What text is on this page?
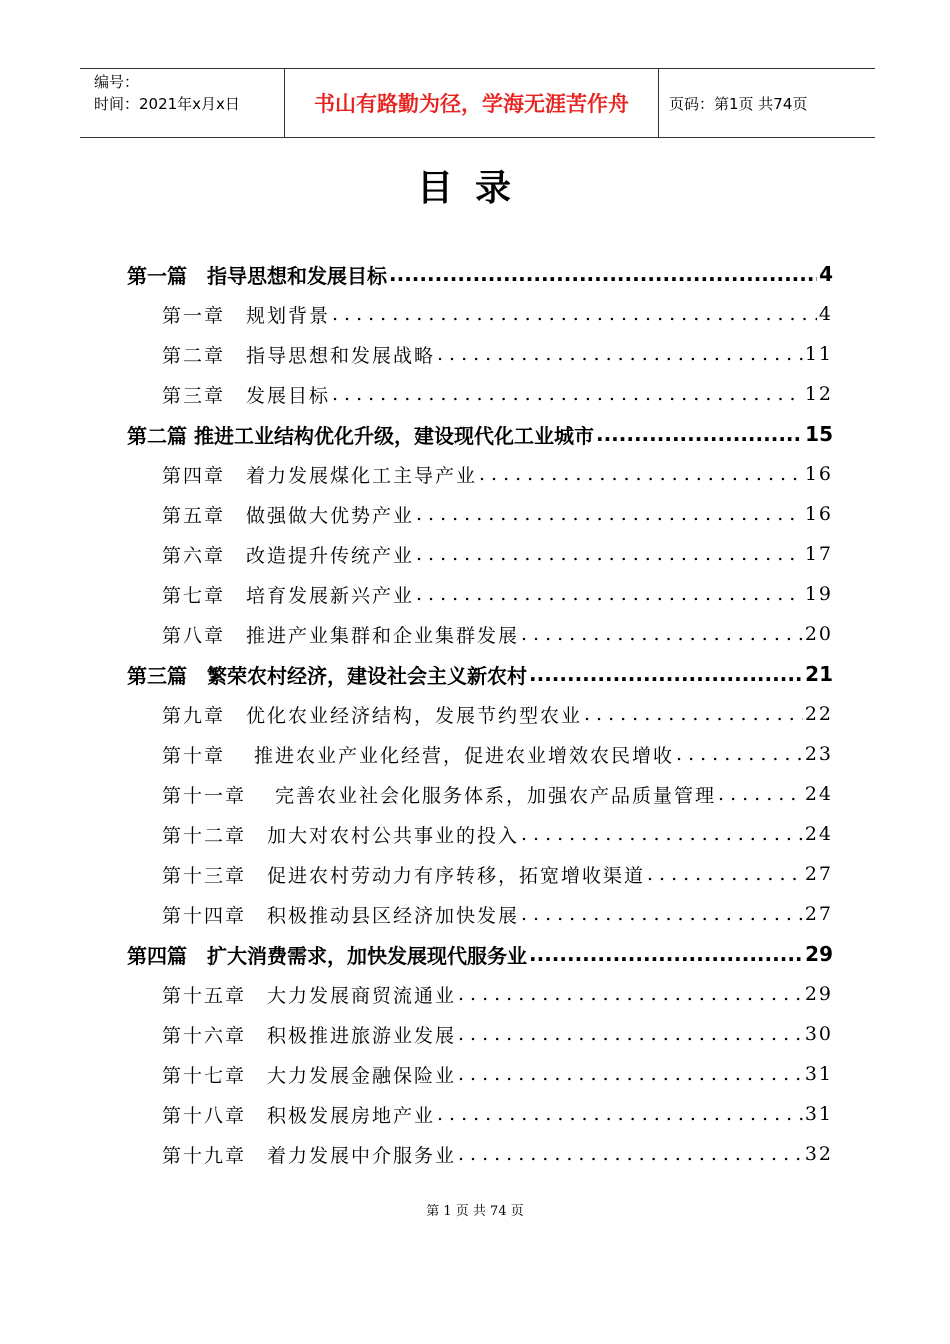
编号：
时间：2021年x月x日	书山有路勤为径，学海无涯苦作舟	页码：第1页 共74页
目录
第一篇　指导思想和发展目标 .....	4
第一章　规划背景 .....	4
第二章　指导思想和发展战略 .....	11
第三章　发展目标 .....	12
第二篇 推进工业结构优化升级，建设现代化工业城市 .....	15
第四章　着力发展煤化工主导产业 .....	16
第五章　做强做大优势产业 .....	16
第六章　改造提升传统产业 .....	17
第七章　培育发展新兴产业 .....	19
第八章　推进产业集群和企业集群发展 .....	20
第三篇　繁荣农村经济，建设社会主义新农村 .....	21
第九章　优化农业经济结构，发展节约型农业 .....	22
第十章　 推进农业产业化经营，促进农业增效农民增收 .....	23
第十一章　 完善农业社会化服务体系，加强农产品质量管理 .....	24
第十二章　加大对农村公共事业的投入 .....	24
第十三章　促进农村劳动力有序转移，拓宽增收渠道 .....	27
第十四章　积极推动县区经济加快发展 .....	27
第四篇　扩大消费需求，加快发展现代服务业 .....	29
第十五章　大力发展商贸流通业 .....	29
第十六章　积极推进旅游业发展 .....	30
第十七章　大力发展金融保险业 .....	31
第十八章　积极发展房地产业 .....	31
第十九章　着力发展中介服务业 .....	32
第 1 页 共 74 页
